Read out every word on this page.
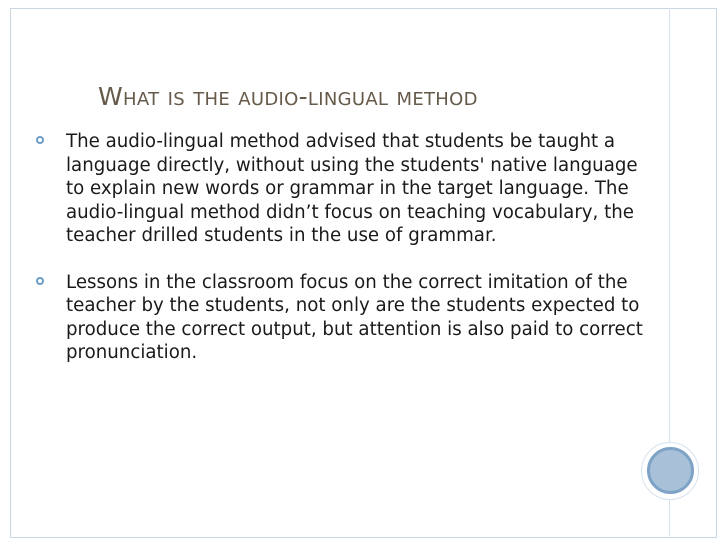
What is the audio-lingual method
The audio-lingual method advised that students be taught a language directly, without using the students' native language to explain new words or grammar in the target language. The audio-lingual method didn’t focus on teaching vocabulary, the teacher drilled students in the use of grammar.
Lessons in the classroom focus on the correct imitation of the teacher by the students, not only are the students expected to produce the correct output, but attention is also paid to correct pronunciation.
